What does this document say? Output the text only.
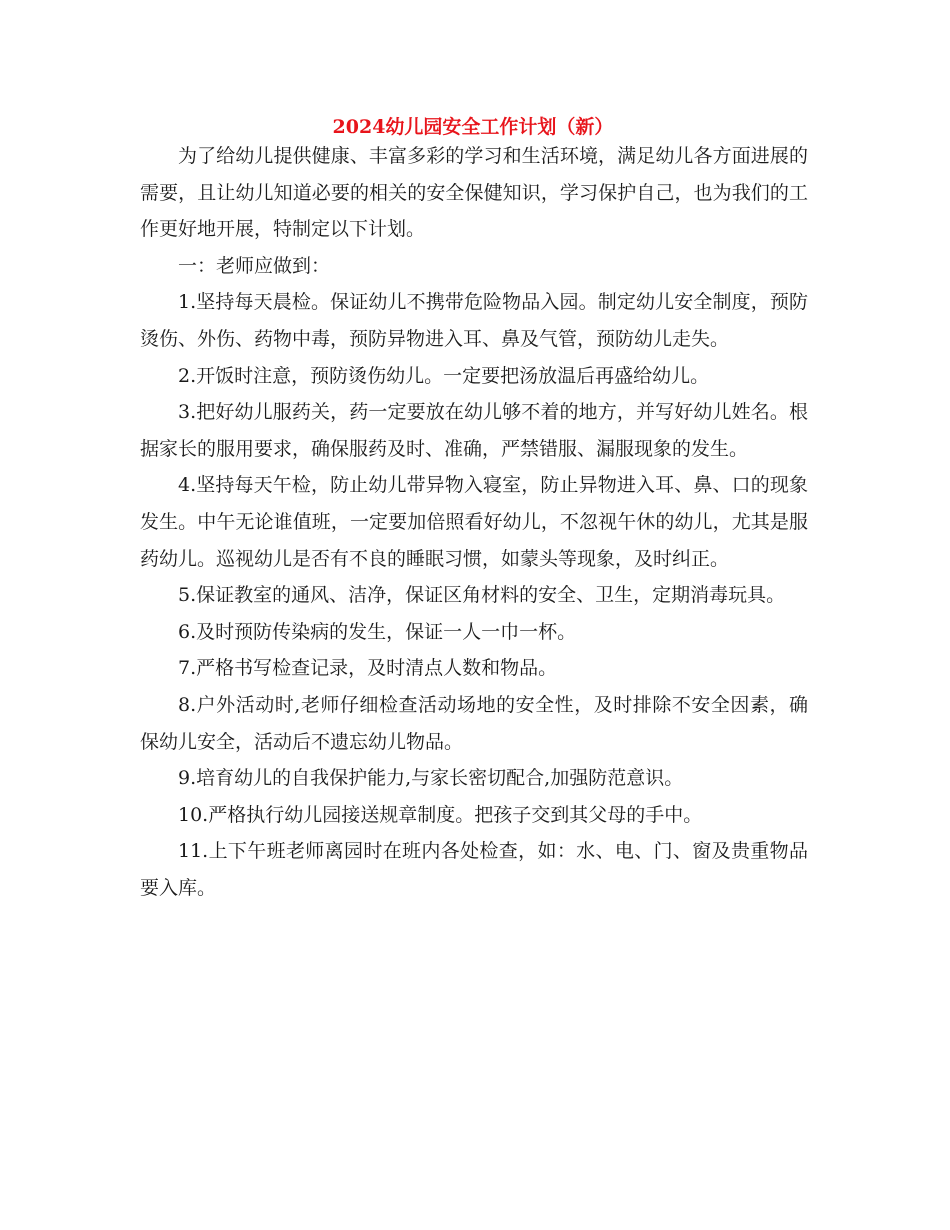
2024幼儿园安全工作计划（新）

为了给幼儿提供健康、丰富多彩的学习和生活环境，满足幼儿各方面进展的需要，且让幼儿知道必要的相关的安全保健知识，学习保护自己，也为我们的工作更好地开展，特制定以下计划。

一：老师应做到：

1.坚持每天晨检。保证幼儿不携带危险物品入园。制定幼儿安全制度，预防烫伤、外伤、药物中毒，预防异物进入耳、鼻及气管，预防幼儿走失。

2.开饭时注意，预防烫伤幼儿。一定要把汤放温后再盛给幼儿。

3.把好幼儿服药关，药一定要放在幼儿够不着的地方，并写好幼儿姓名。根据家长的服用要求，确保服药及时、准确，严禁错服、漏服现象的发生。

4.坚持每天午检，防止幼儿带异物入寝室，防止异物进入耳、鼻、口的现象发生。中午无论谁值班，一定要加倍照看好幼儿，不忽视午休的幼儿，尤其是服药幼儿。巡视幼儿是否有不良的睡眠习惯，如蒙头等现象，及时纠正。

5.保证教室的通风、洁净，保证区角材料的安全、卫生，定期消毒玩具。

6.及时预防传染病的发生，保证一人一巾一杯。

7.严格书写检查记录，及时清点人数和物品。

8.户外活动时,老师仔细检查活动场地的安全性，及时排除不安全因素，确保幼儿安全，活动后不遗忘幼儿物品。

9.培育幼儿的自我保护能力,与家长密切配合,加强防范意识。

10.严格执行幼儿园接送规章制度。把孩子交到其父母的手中。

11.上下午班老师离园时在班内各处检查，如：水、电、门、窗及贵重物品要入库。
